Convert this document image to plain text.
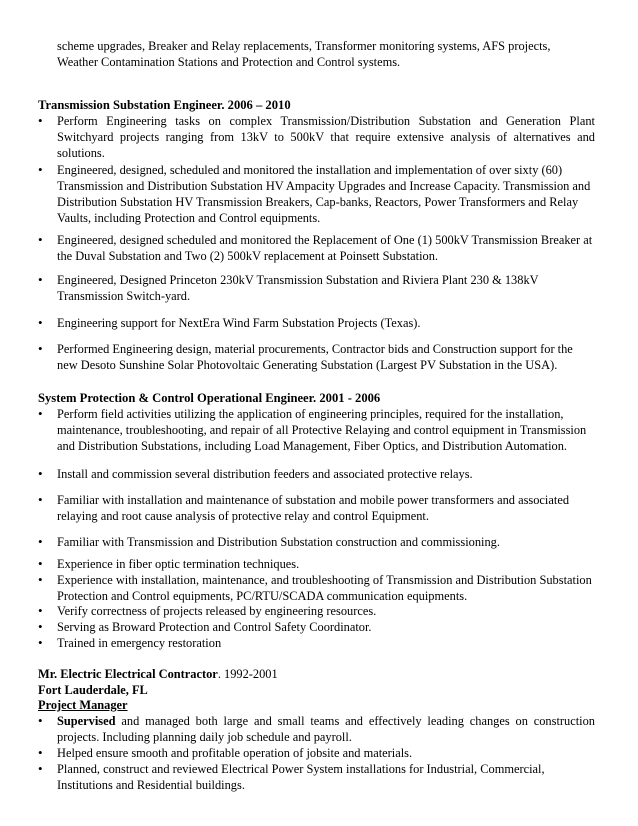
scheme upgrades, Breaker and Relay replacements, Transformer monitoring systems, AFS projects,

Weather Contamination Stations and Protection and Control systems.

Transmission Substation Engineer. 2006 – 2010

•	Perform Engineering tasks on complex Transmission/Distribution Substation and Generation Plant Switchyard projects ranging from 13kV to 500kV that require extensive analysis of alternatives and solutions.
•	Engineered, designed, scheduled and monitored the installation and implementation of over sixty (60) Transmission and Distribution Substation HV Ampacity Upgrades and Increase Capacity. Transmission and Distribution Substation HV Transmission Breakers, Cap-banks, Reactors, Power Transformers and Relay Vaults, including Protection and Control equipments.
•	Engineered, designed scheduled and monitored the Replacement of One (1) 500kV Transmission Breaker at the Duval Substation and Two (2) 500kV replacement at Poinsett Substation.
•	Engineered, Designed Princeton 230kV Transmission Substation and Riviera Plant 230 & 138kV Transmission Switch-yard.
•	Engineering support for NextEra Wind Farm Substation Projects (Texas).
•	Performed Engineering design, material procurements, Contractor bids and Construction support for the new Desoto Sunshine Solar Photovoltaic Generating Substation (Largest PV Substation in the USA).

System Protection & Control Operational Engineer. 2001 - 2006

•	Perform field activities utilizing the application of engineering principles, required for the installation, maintenance, troubleshooting, and repair of all Protective Relaying and control equipment in Transmission and Distribution Substations, including Load Management, Fiber Optics, and Distribution Automation.
•	Install and commission several distribution feeders and associated protective relays.
•	Familiar with installation and maintenance of substation and mobile power transformers and associated relaying and root cause analysis of protective relay and control Equipment.
•	Familiar with Transmission and Distribution Substation construction and commissioning.
•	Experience in fiber optic termination techniques.
•	Experience with installation, maintenance, and troubleshooting of Transmission and Distribution Substation Protection and Control equipments, PC/RTU/SCADA communication equipments.
•	Verify correctness of projects released by engineering resources.
•	Serving as Broward Protection and Control Safety Coordinator.
•	Trained in emergency restoration

Mr. Electric Electrical Contractor. 1992-2001

Fort Lauderdale, FL

Project Manager

•	Supervised and managed both large and small teams and effectively leading changes on construction projects. Including planning daily job schedule and payroll.
•	Helped ensure smooth and profitable operation of jobsite and materials.
•	Planned, construct and reviewed Electrical Power System installations for Industrial, Commercial, Institutions and Residential buildings.
